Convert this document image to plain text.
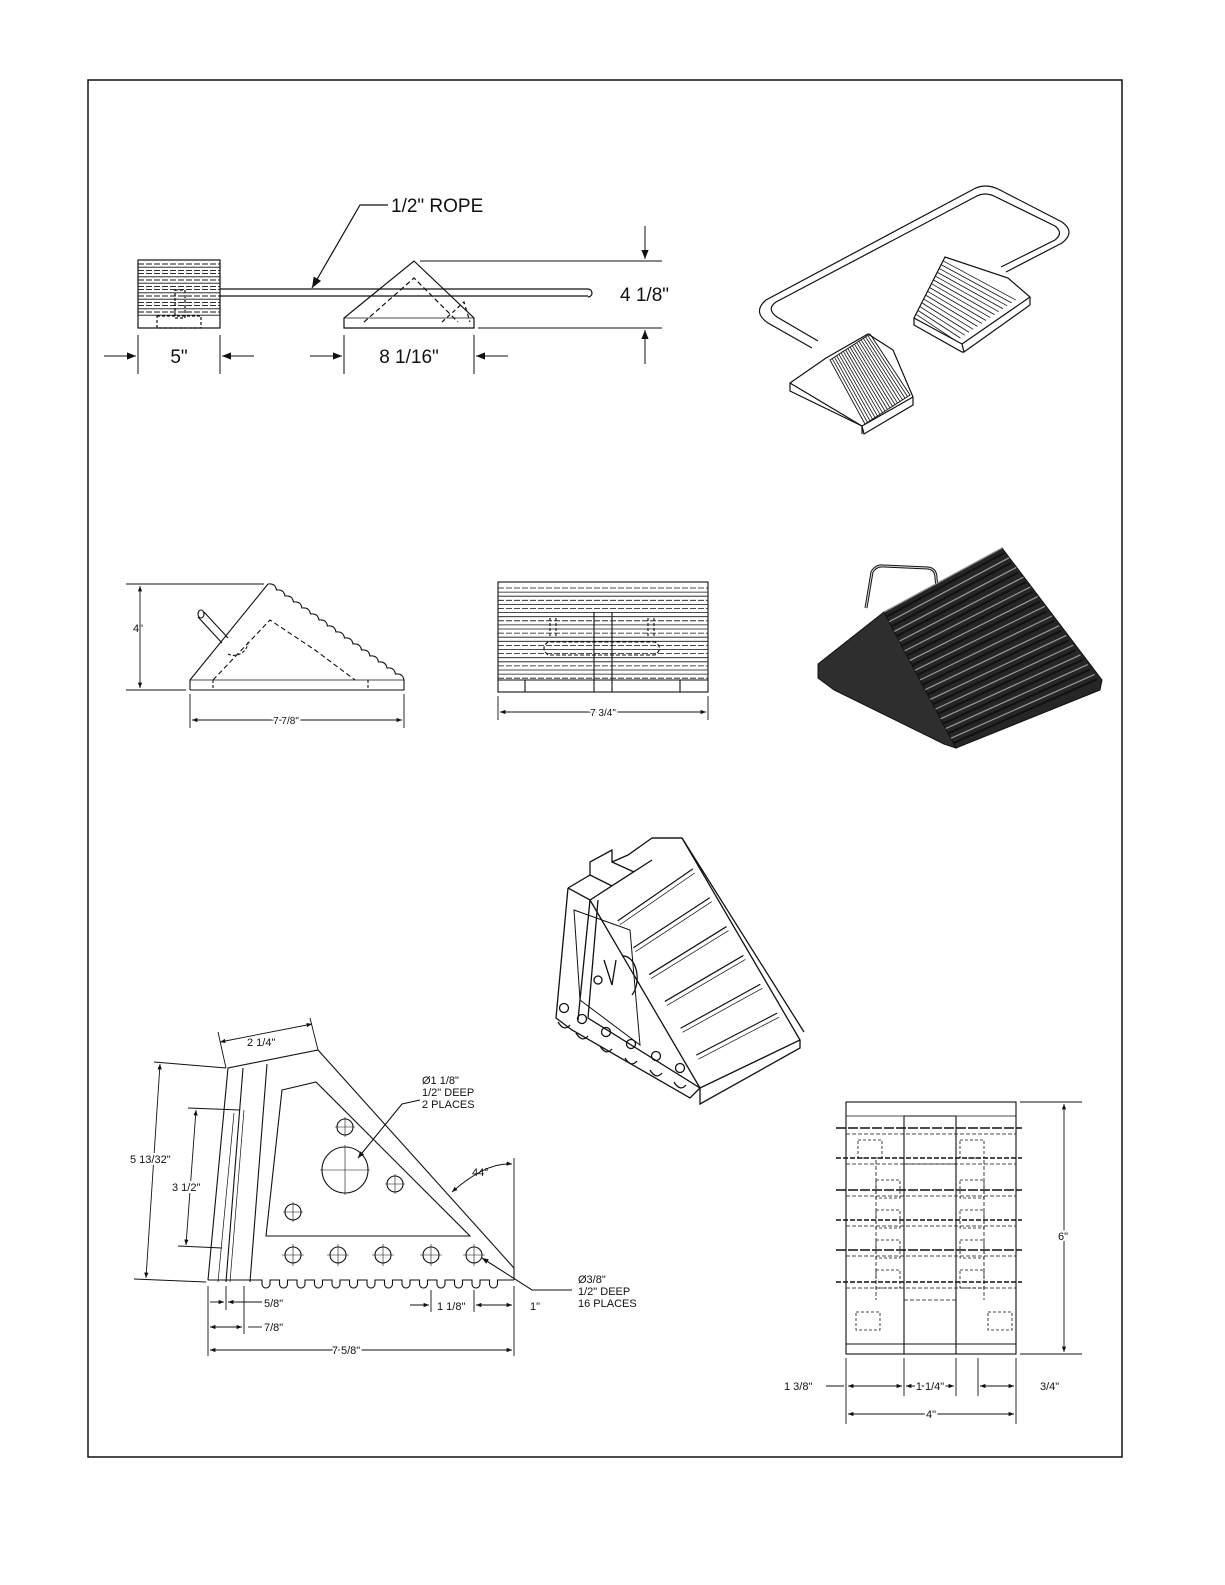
1/2" ROPE
5"	8 1/16"
4 1/8"
4"
7 7/8"
7 3/4"
2 1/4"
5 13/32"
3 1/2"
44°
Ø1 1/8"
1/2" DEEP
2 PLACES
Ø3/8"
1/2" DEEP
16 PLACES
5/8"
7/8"
1 1/8"	1"
7 5/8"
6"
1 3/8"	1 1/4"	3/4"
4"
